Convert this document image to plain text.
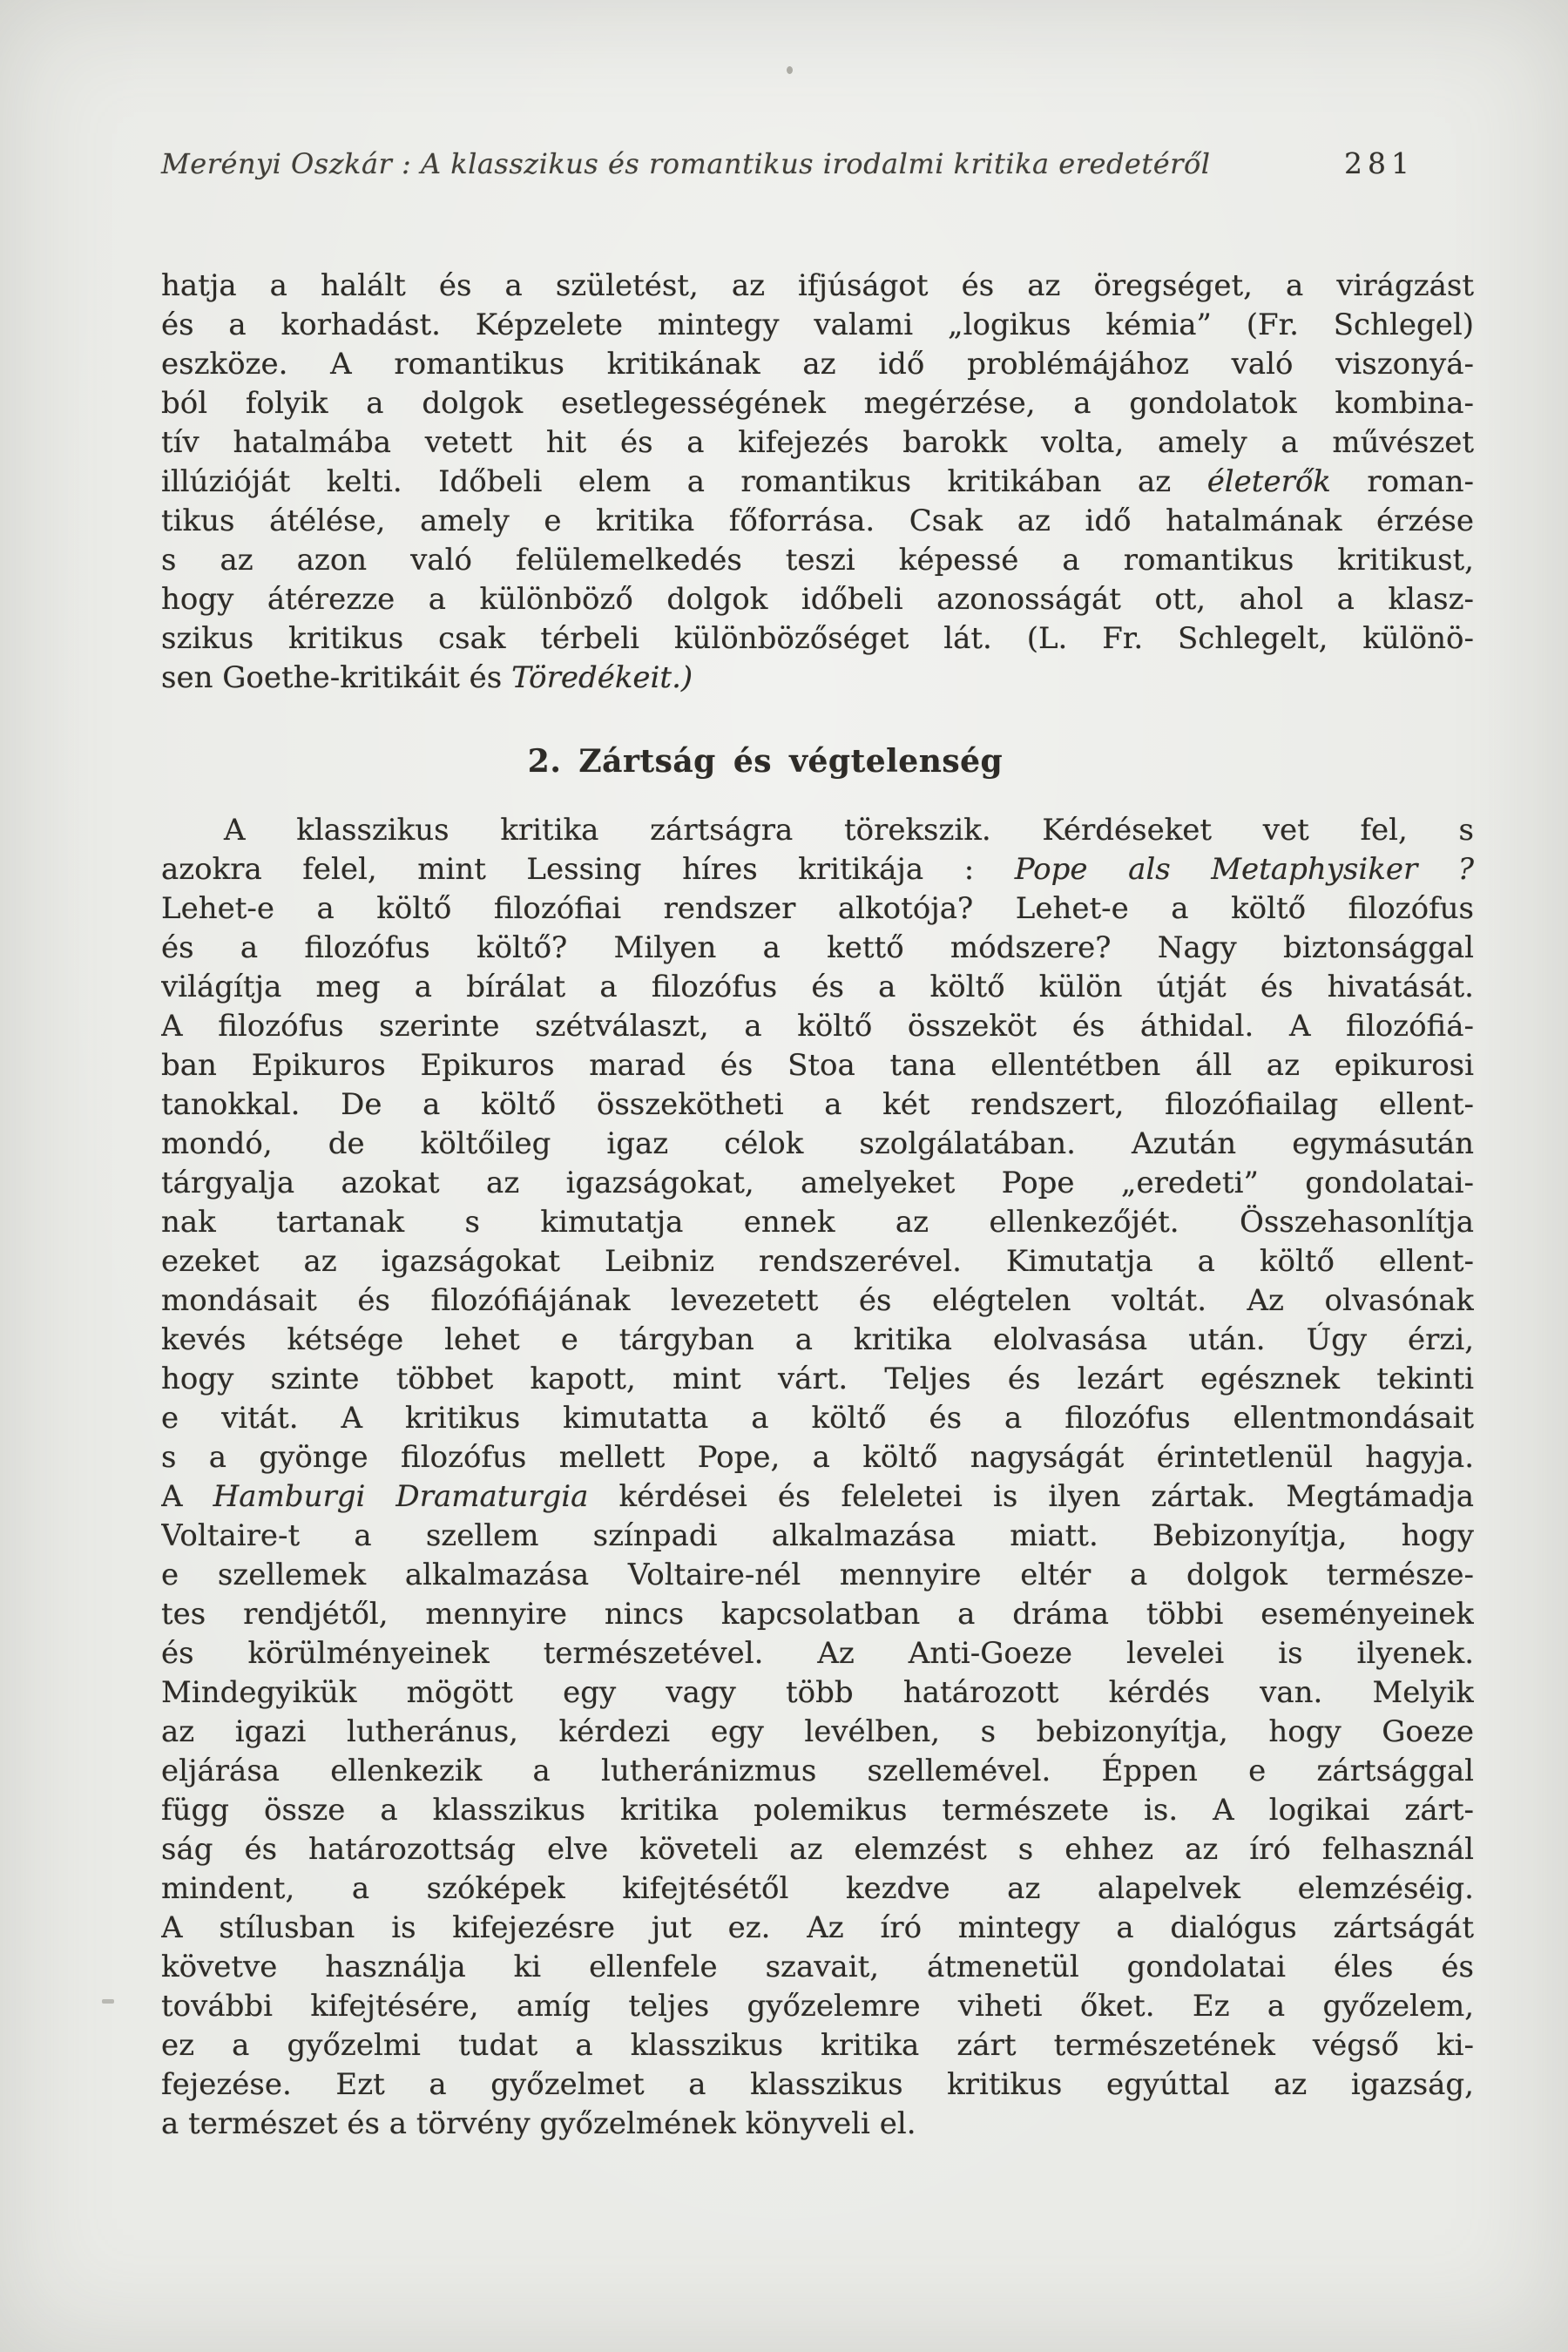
Merényi Oszkár : A klasszikus és romantikus irodalmi kritika eredetéről	281
hatja a halált és a születést, az ifjúságot és az öregséget, a virágzást
és a korhadást. Képzelete mintegy valami „logikus kémia” (Fr. Schlegel)
eszköze. A romantikus kritikának az idő problémájához való viszonyá-
ból folyik a dolgok esetlegességének megérzése, a gondolatok kombina-
tív hatalmába vetett hit és a kifejezés barokk volta, amely a művészet
illúzióját kelti. Időbeli elem a romantikus kritikában az életerők roman-
tikus átélése, amely e kritika főforrása. Csak az idő hatalmának érzése
s az azon való felülemelkedés teszi képessé a romantikus kritikust,
hogy átérezze a különböző dolgok időbeli azonosságát ott, ahol a klasz-
szikus kritikus csak térbeli különbözőséget lát. (L. Fr. Schlegelt, különö-
sen Goethe-kritikáit és Töredékeit.)
2. Zártság és végtelenség
A klasszikus kritika zártságra törekszik. Kérdéseket vet fel, s
azokra felel, mint Lessing híres kritikája : Pope als Metaphysiker ?
Lehet-e a költő filozófiai rendszer alkotója? Lehet-e a költő filozófus
és a filozófus költő? Milyen a kettő módszere? Nagy biztonsággal
világítja meg a bírálat a filozófus és a költő külön útját és hivatását.
A filozófus szerinte szétválaszt, a költő összeköt és áthidal. A filozófiá-
ban Epikuros Epikuros marad és Stoa tana ellentétben áll az epikurosi
tanokkal. De a költő összekötheti a két rendszert, filozófiailag ellent-
mondó, de költőileg igaz célok szolgálatában. Azután egymásután
tárgyalja azokat az igazságokat, amelyeket Pope „eredeti” gondolatai-
nak tartanak s kimutatja ennek az ellenkezőjét. Összehasonlítja
ezeket az igazságokat Leibniz rendszerével. Kimutatja a költő ellent-
mondásait és filozófiájának levezetett és elégtelen voltát. Az olvasónak
kevés kétsége lehet e tárgyban a kritika elolvasása után. Úgy érzi,
hogy szinte többet kapott, mint várt. Teljes és lezárt egésznek tekinti
e vitát. A kritikus kimutatta a költő és a filozófus ellentmondásait
s a gyönge filozófus mellett Pope, a költő nagyságát érintetlenül hagyja.
A Hamburgi Dramaturgia kérdései és feleletei is ilyen zártak. Megtámadja
Voltaire-t a szellem színpadi alkalmazása miatt. Bebizonyítja, hogy
e szellemek alkalmazása Voltaire-nél mennyire eltér a dolgok természe-
tes rendjétől, mennyire nincs kapcsolatban a dráma többi eseményeinek
és körülményeinek természetével. Az Anti-Goeze levelei is ilyenek.
Mindegyikük mögött egy vagy több határozott kérdés van. Melyik
az igazi lutheránus, kérdezi egy levélben, s bebizonyítja, hogy Goeze
eljárása ellenkezik a lutheránizmus szellemével. Éppen e zártsággal
függ össze a klasszikus kritika polemikus természete is. A logikai zárt-
ság és határozottság elve követeli az elemzést s ehhez az író felhasznál
mindent, a szóképek kifejtésétől kezdve az alapelvek elemzéséig.
A stílusban is kifejezésre jut ez. Az író mintegy a dialógus zártságát
követve használja ki ellenfele szavait, átmenetül gondolatai éles és
további kifejtésére, amíg teljes győzelemre viheti őket. Ez a győzelem,
ez a győzelmi tudat a klasszikus kritika zárt természetének végső ki-
fejezése. Ezt a győzelmet a klasszikus kritikus egyúttal az igazság,
a természet és a törvény győzelmének könyveli el.
